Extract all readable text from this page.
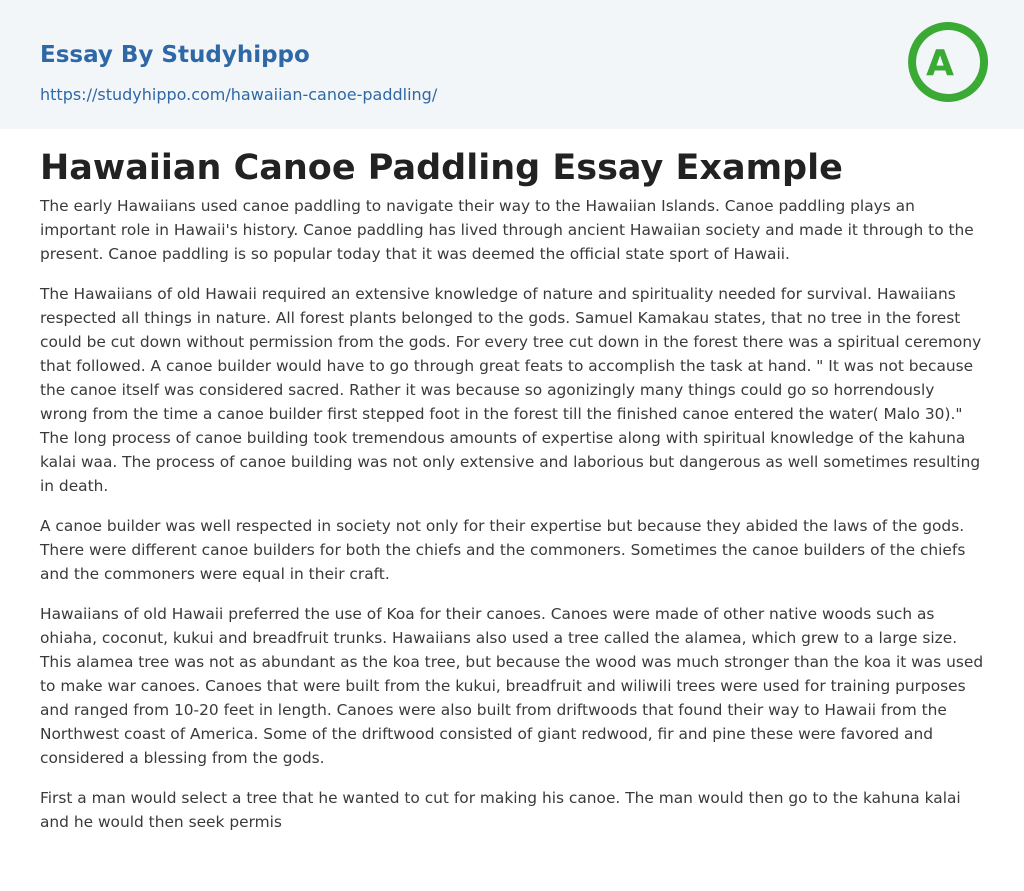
Essay By Studyhippo
https://studyhippo.com/hawaiian-canoe-paddling/
A
Hawaiian Canoe Paddling Essay Example

The early Hawaiians used canoe paddling to navigate their way to the Hawaiian Islands. Canoe paddling plays an important role in Hawaii's history. Canoe paddling has lived through ancient Hawaiian society and made it through to the present. Canoe paddling is so popular today that it was deemed the official state sport of Hawaii.

The Hawaiians of old Hawaii required an extensive knowledge of nature and spirituality needed for survival. Hawaiians respected all things in nature. All forest plants belonged to the gods. Samuel Kamakau states, that no tree in the forest could be cut down without permission from the gods. For every tree cut down in the forest there was a spiritual ceremony that followed. A canoe builder would have to go through great feats to accomplish the task at hand. " It was not because the canoe itself was considered sacred. Rather it was because so agonizingly many things could go so horrendously wrong from the time a canoe builder first stepped foot in the forest till the finished canoe entered the water( Malo 30)." The long process of canoe building took tremendous amounts of expertise along with spiritual knowledge of the kahuna kalai waa. The process of canoe building was not only extensive and laborious but dangerous as well sometimes resulting in death.

A canoe builder was well respected in society not only for their expertise but because they abided the laws of the gods. There were different canoe builders for both the chiefs and the commoners. Sometimes the canoe builders of the chiefs and the commoners were equal in their craft.

Hawaiians of old Hawaii preferred the use of Koa for their canoes. Canoes were made of other native woods such as ohiaha, coconut, kukui and breadfruit trunks. Hawaiians also used a tree called the alamea, which grew to a large size. This alamea tree was not as abundant as the koa tree, but because the wood was much stronger than the koa it was used to make war canoes. Canoes that were built from the kukui, breadfruit and wiliwili trees were used for training purposes and ranged from 10-20 feet in length. Canoes were also built from driftwoods that found their way to Hawaii from the Northwest coast of America. Some of the driftwood consisted of giant redwood, fir and pine these were favored and considered a blessing from the gods.

First a man would select a tree that he wanted to cut for making his canoe. The man would then go to the kahuna kalai and he would then seek permis
